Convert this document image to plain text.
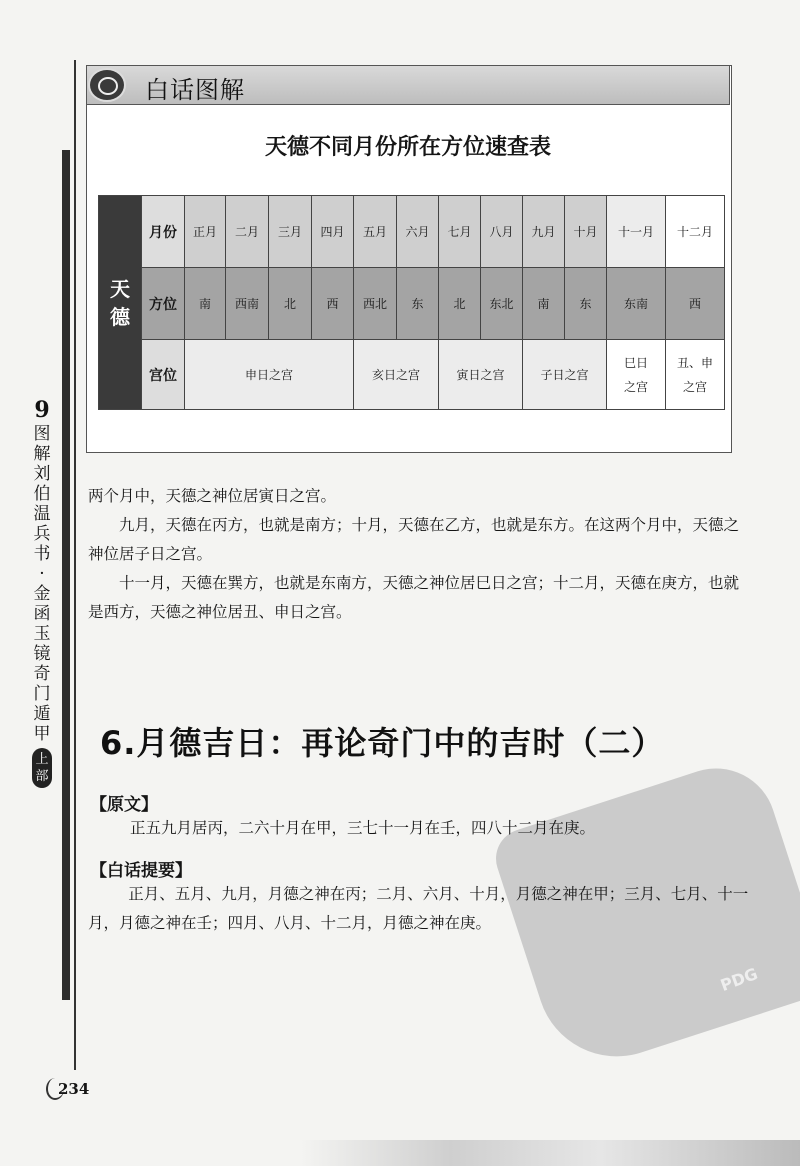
9
图
解
刘
伯
温
兵
书
·
金
函
玉
镜
奇
门
遁
甲
上部
白话图解
天德不同月份所在方位速查表
天德	月份	正月	二月	三月	四月	五月	六月	七月	八月	九月	十月	十一月	十二月
	方位	南	西南	北	西	西北	东	北	东北	南	东	东南	西
	宫位	申日之宫				亥日之宫		寅日之宫		子日之宫		巳日之宫	丑、申之宫
两个月中，天德之神位居寅日之宫。
九月，天德在丙方，也就是南方；十月，天德在乙方，也就是东方。在这两个月中，天德之神位居子日之宫。
十一月，天德在巽方，也就是东南方，天德之神位居巳日之宫；十二月，天德在庚方，也就是西方，天德之神位居丑、申日之宫。
PDG
6.月德吉日：再论奇门中的吉时（二）
【原文】
正五九月居丙，二六十月在甲，三七十一月在壬，四八十二月在庚。
【白话提要】
正月、五月、九月，月德之神在丙；二月、六月、十月，月德之神在甲；三月、七月、十一月，月德之神在壬；四月、八月、十二月，月德之神在庚。
234
